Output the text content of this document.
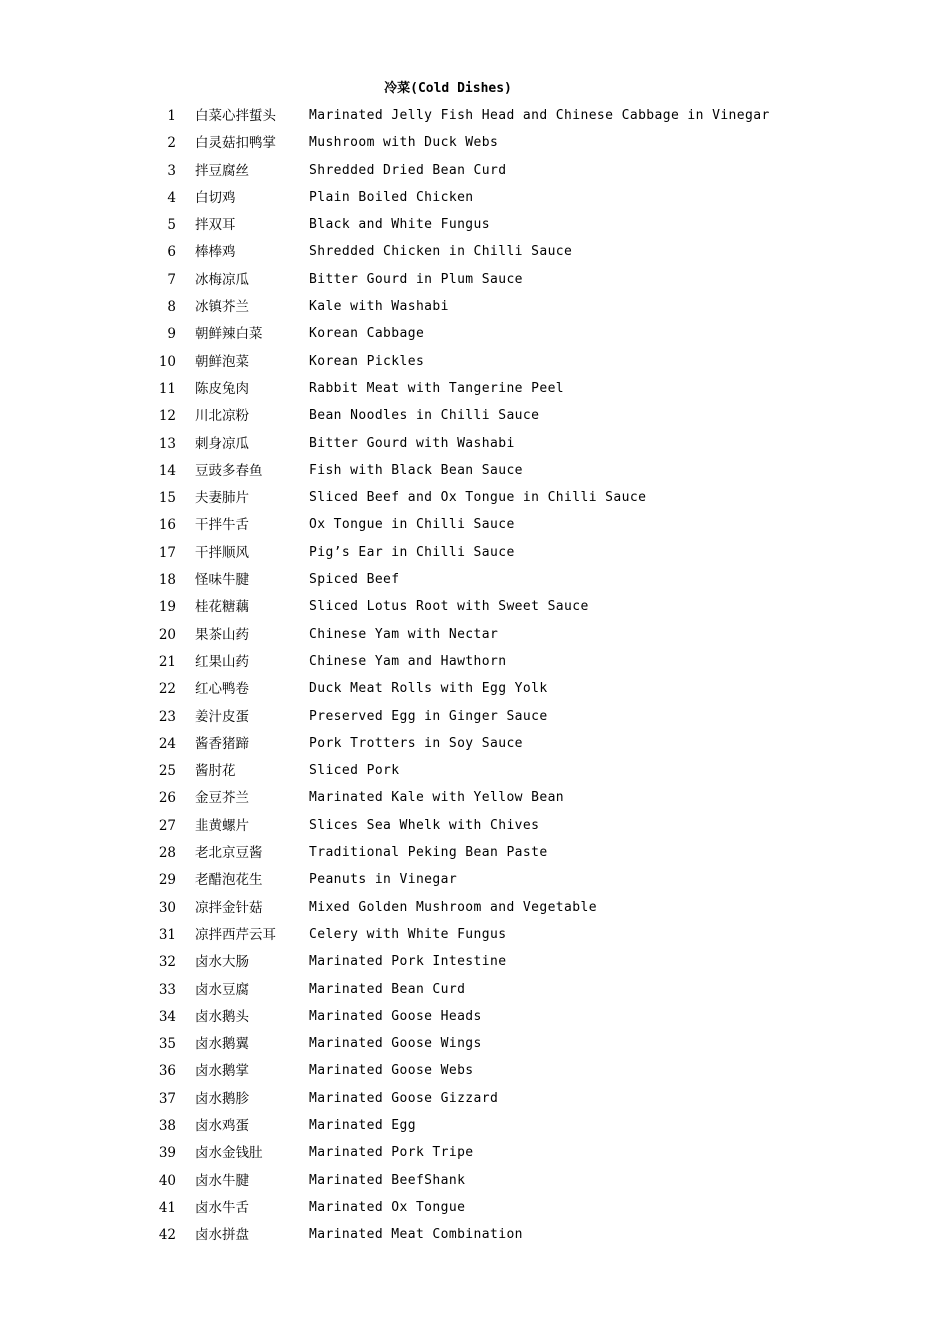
冷菜(Cold Dishes)
1 白菜心拌蜇头	Marinated Jelly Fish Head and Chinese Cabbage in Vinegar
2 白灵菇扣鸭掌	Mushroom with Duck Webs
3 拌豆腐丝	Shredded Dried Bean Curd
4 白切鸡	Plain Boiled Chicken
5 拌双耳	Black and White Fungus
6 棒棒鸡	Shredded Chicken in Chilli Sauce
7 冰梅凉瓜	Bitter Gourd in Plum Sauce
8 冰镇芥兰	Kale with Washabi
9 朝鲜辣白菜	Korean Cabbage
10 朝鲜泡菜	Korean Pickles
11 陈皮兔肉	Rabbit Meat with Tangerine Peel
12 川北凉粉	Bean Noodles in Chilli Sauce
13 刺身凉瓜	Bitter Gourd with Washabi
14 豆豉多春鱼	Fish with Black Bean Sauce
15 夫妻肺片	Sliced Beef and Ox Tongue in Chilli Sauce
16 干拌牛舌	Ox Tongue in Chilli Sauce
17 干拌顺风	Pig’s Ear in Chilli Sauce
18 怪味牛腱	Spiced Beef
19 桂花糖藕	Sliced Lotus Root with Sweet Sauce
20 果茶山药	Chinese Yam with Nectar
21 红果山药	Chinese Yam and Hawthorn
22 红心鸭卷	Duck Meat Rolls with Egg Yolk
23 姜汁皮蛋	Preserved Egg in Ginger Sauce
24 酱香猪蹄	Pork Trotters in Soy Sauce
25 酱肘花	Sliced Pork
26 金豆芥兰	Marinated Kale with Yellow Bean
27 韭黄螺片	Slices Sea Whelk with Chives
28 老北京豆酱	Traditional Peking Bean Paste
29 老醋泡花生	Peanuts in Vinegar
30 凉拌金针菇	Mixed Golden Mushroom and Vegetable
31 凉拌西芹云耳	Celery with White Fungus
32 卤水大肠	Marinated Pork Intestine
33 卤水豆腐	Marinated Bean Curd
34 卤水鹅头	Marinated Goose Heads
35 卤水鹅翼	Marinated Goose Wings
36 卤水鹅掌	Marinated Goose Webs
37 卤水鹅胗	Marinated Goose Gizzard
38 卤水鸡蛋	Marinated Egg
39 卤水金钱肚	Marinated Pork Tripe
40 卤水牛腱	Marinated BeefShank
41 卤水牛舌	Marinated Ox Tongue
42 卤水拼盘	Marinated Meat Combination
